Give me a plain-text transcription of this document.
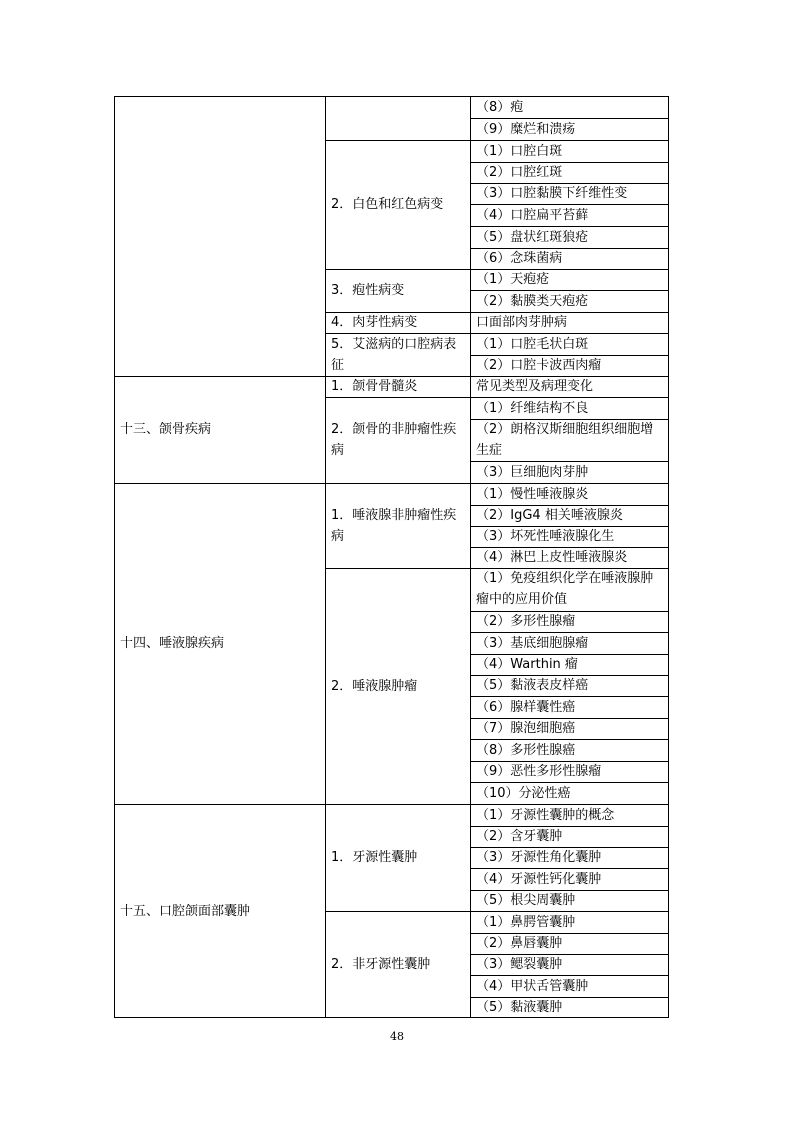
（8）疱
（9）糜烂和溃疡
（1）口腔白斑
（2）口腔红斑
（3）口腔黏膜下纤维性变
（4）口腔扁平苔藓
（5）盘状红斑狼疮
（6）念珠菌病
2．白色和红色病变
（1）天疱疮
（2）黏膜类天疱疮
3．疱性病变
口面部肉芽肿病
4．肉芽性病变
（1）口腔毛状白斑
（2）口腔卡波西肉瘤
5．艾滋病的口腔病表征
常见类型及病理变化
1．颌骨骨髓炎
（1）纤维结构不良
（2）朗格汉斯细胞组织细胞增生症
（3）巨细胞肉芽肿
2．颌骨的非肿瘤性疾病
十三、颌骨疾病
（1）慢性唾液腺炎
（2）IgG4 相关唾液腺炎
（3）坏死性唾液腺化生
（4）淋巴上皮性唾液腺炎
1．唾液腺非肿瘤性疾病
（1）免疫组织化学在唾液腺肿瘤中的应用价值
（2）多形性腺瘤
（3）基底细胞腺瘤
（4）Warthin 瘤
（5）黏液表皮样癌
（6）腺样囊性癌
（7）腺泡细胞癌
（8）多形性腺癌
（9）恶性多形性腺瘤
（10）分泌性癌
2．唾液腺肿瘤
十四、唾液腺疾病
（1）牙源性囊肿的概念
（2）含牙囊肿
（3）牙源性角化囊肿
（4）牙源性钙化囊肿
（5）根尖周囊肿
1．牙源性囊肿
（1）鼻腭管囊肿
（2）鼻唇囊肿
（3）鳃裂囊肿
（4）甲状舌管囊肿
（5）黏液囊肿
2．非牙源性囊肿
十五、口腔颌面部囊肿
48
